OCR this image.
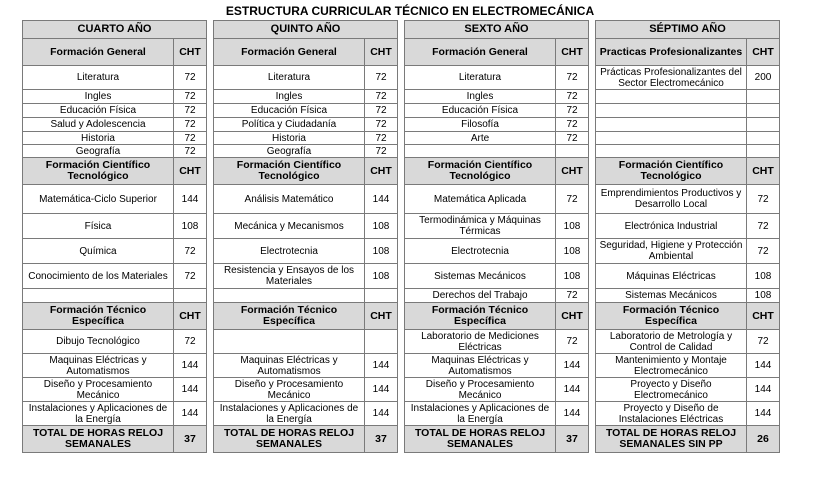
ESTRUCTURA CURRICULAR TÉCNICO EN ELECTROMECÁNICA
CUARTO AÑO			QUINTO AÑO			SEXTO AÑO			SÉPTIMO AÑO	
Formación General	CHT		Formación General	CHT		Formación General	CHT		Practicas Profesionalizantes	CHT
Literatura	72		Literatura	72		Literatura	72		Prácticas Profesionalizantes del Sector Electromecánico	200
Ingles	72		Ingles	72		Ingles	72			
Educación Física	72		Educación Física	72		Educación Física	72			
Salud y Adolescencia	72		Política y Ciudadanía	72		Filosofía	72			
Historia	72		Historia	72		Arte	72			
Geografía	72		Geografía	72						
Formación Científico Tecnológico	CHT		Formación Científico Tecnológico	CHT		Formación Científico Tecnológico	CHT		Formación Científico Tecnológico	CHT
Matemática-Ciclo Superior	144		Análisis Matemático	144		Matemática Aplicada	72		Emprendimientos Productivos y Desarrollo Local	72
Física	108		Mecánica y Mecanismos	108		Termodinámica y Máquinas Térmicas	108		Electrónica Industrial	72
Química	72		Electrotecnia	108		Electrotecnia	108		Seguridad, Higiene y Protección Ambiental	72
Conocimiento de los Materiales	72		Resistencia y Ensayos de los Materiales	108		Sistemas Mecánicos	108		Máquinas Eléctricas	108
						Derechos del Trabajo	72		Sistemas Mecánicos	108
Formación Técnico Específica	CHT		Formación Técnico Específica	CHT		Formación Técnico Específica	CHT		Formación Técnico Específica	CHT
Dibujo Tecnológico	72					Laboratorio de Mediciones Eléctricas	72		Laboratorio de Metrología y Control de Calidad	72
Maquinas Eléctricas y Automatismos	144		Maquinas Eléctricas y Automatismos	144		Maquinas Eléctricas y Automatismos	144		Mantenimiento y Montaje Electromecánico	144
Diseño y Procesamiento Mecánico	144		Diseño y Procesamiento Mecánico	144		Diseño y Procesamiento Mecánico	144		Proyecto y Diseño Electromecánico	144
Instalaciones y Aplicaciones de la Energía	144		Instalaciones y Aplicaciones de la Energía	144		Instalaciones y Aplicaciones de la Energía	144		Proyecto y Diseño de Instalaciones Eléctricas	144
TOTAL DE HORAS RELOJ SEMANALES	37		TOTAL DE HORAS RELOJ SEMANALES	37		TOTAL DE HORAS RELOJ SEMANALES	37		TOTAL DE HORAS RELOJ SEMANALES SIN PP	26
